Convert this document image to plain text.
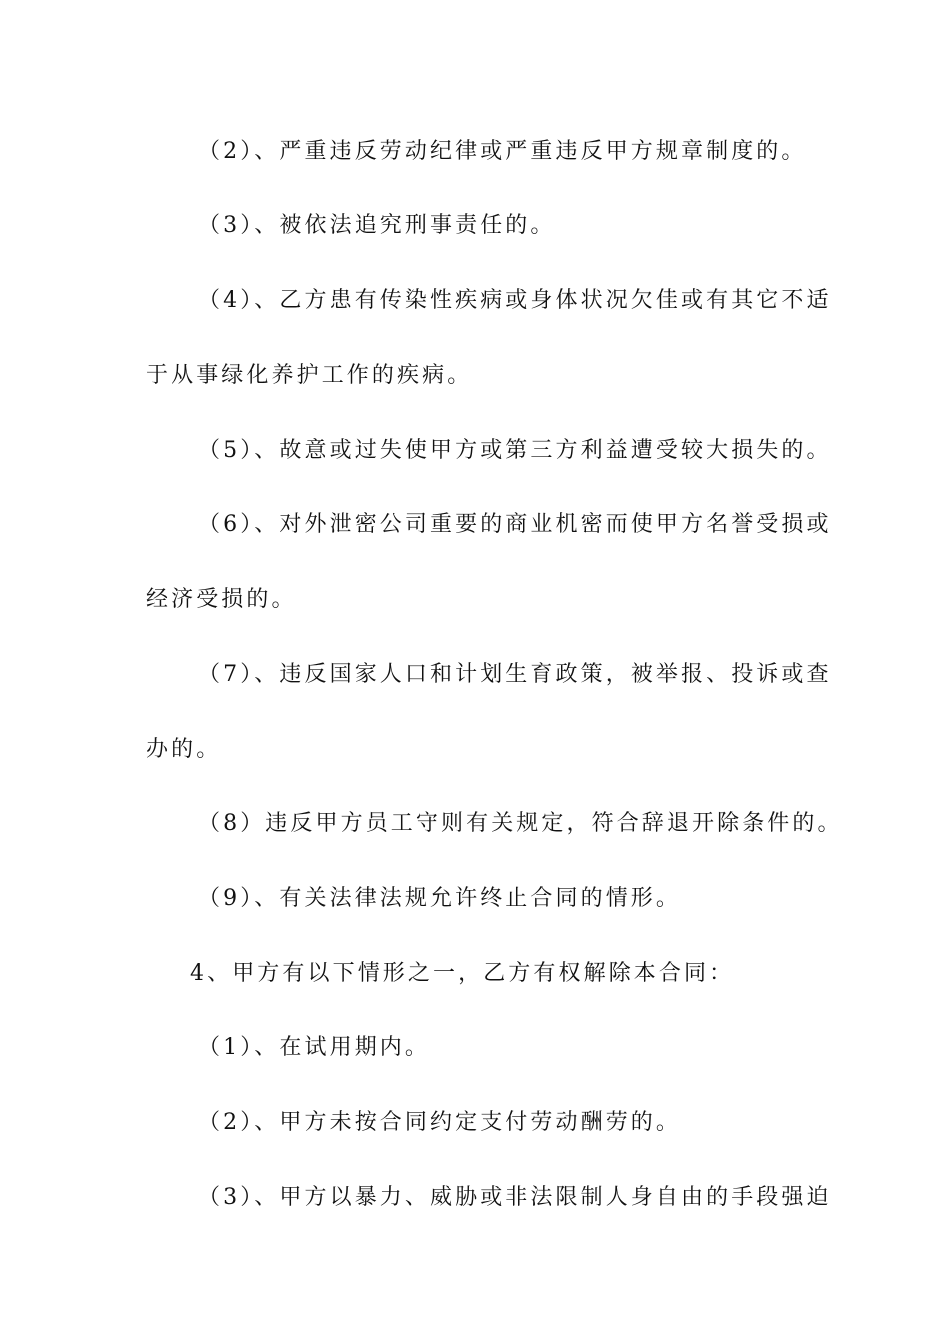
（2）、严重违反劳动纪律或严重违反甲方规章制度的。

（3）、被依法追究刑事责任的。

（4）、乙方患有传染性疾病或身体状况欠佳或有其它不适

于从事绿化养护工作的疾病。

（5）、故意或过失使甲方或第三方利益遭受较大损失的。

（6）、对外泄密公司重要的商业机密而使甲方名誉受损或

经济受损的。

（7）、违反国家人口和计划生育政策，被举报、投诉或查

办的。

（8）违反甲方员工守则有关规定，符合辞退开除条件的。

（9）、有关法律法规允许终止合同的情形。

4、甲方有以下情形之一，乙方有权解除本合同：

（1）、在试用期内。

（2）、甲方未按合同约定支付劳动酬劳的。

（3）、甲方以暴力、威胁或非法限制人身自由的手段强迫
